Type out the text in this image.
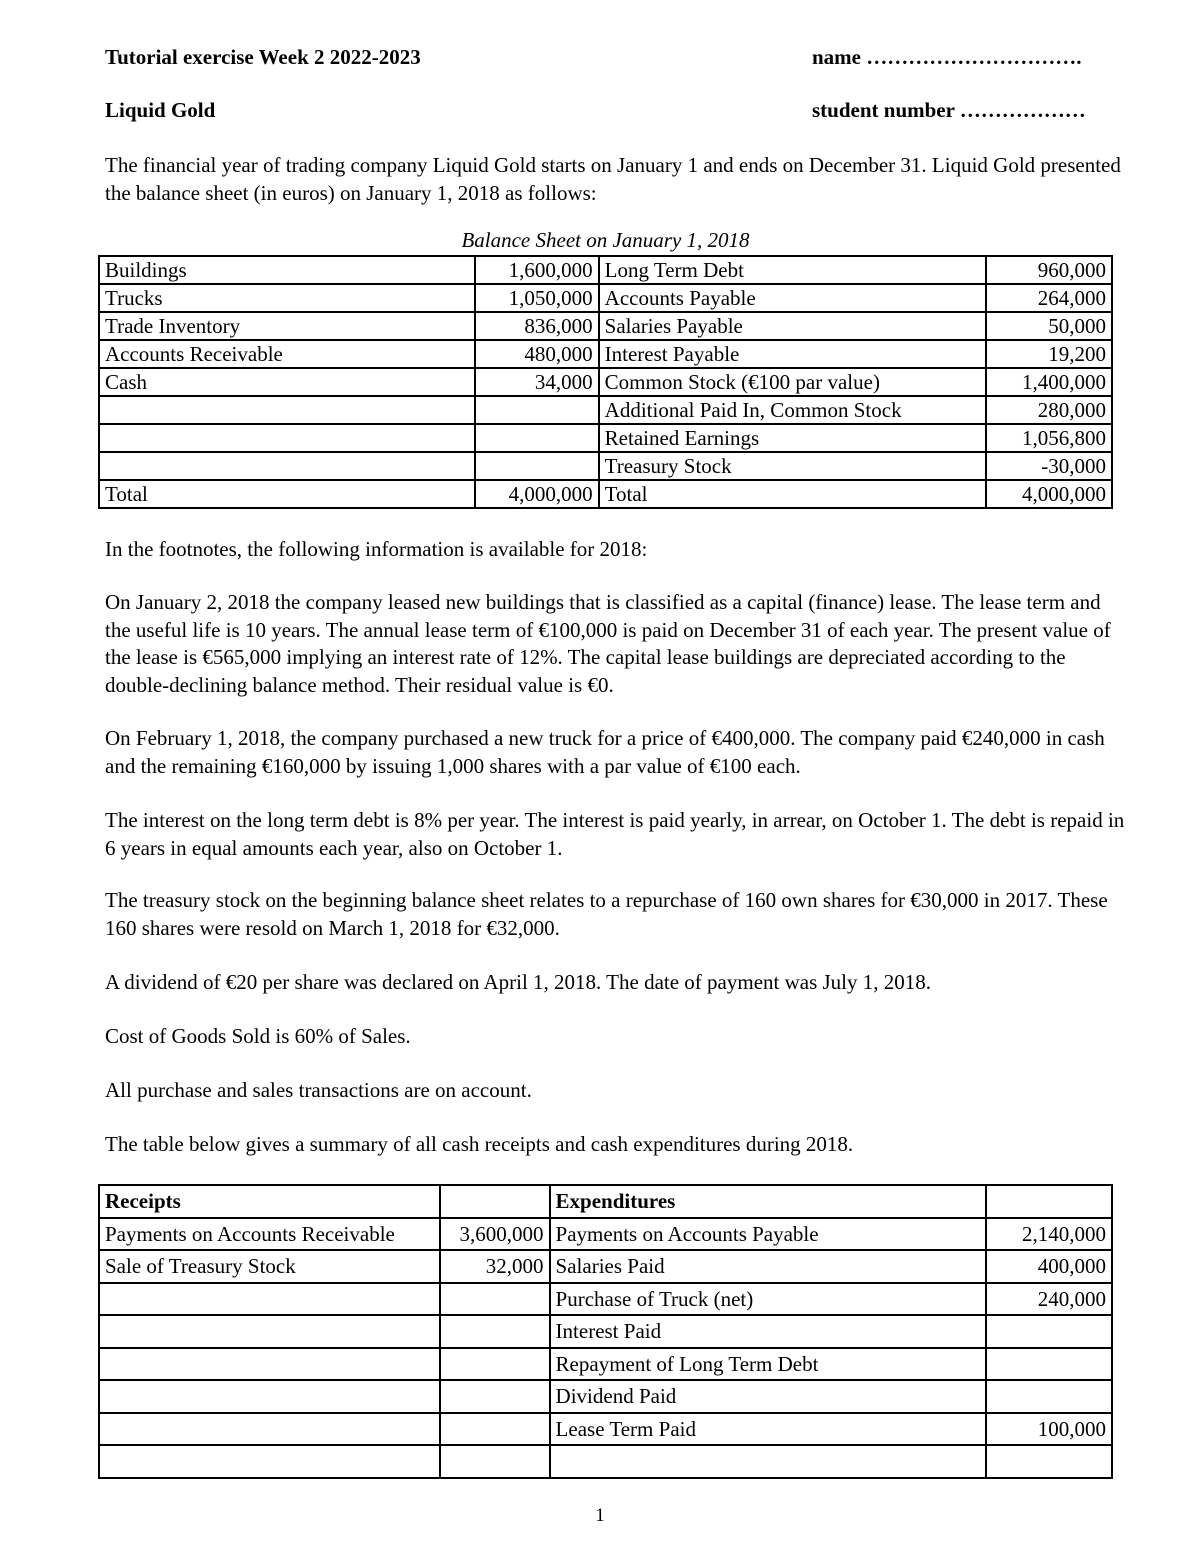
Tutorial exercise Week 2 2022-2023	name ………………………….
Liquid Gold	student number ………………

The financial year of trading company Liquid Gold starts on January 1 and ends on December 31. Liquid Gold presented the balance sheet (in euros) on January 1, 2018 as follows:

Balance Sheet on January 1, 2018
Buildings	1,600,000	Long Term Debt	960,000
Trucks	1,050,000	Accounts Payable	264,000
Trade Inventory	836,000	Salaries Payable	50,000
Accounts Receivable	480,000	Interest Payable	19,200
Cash	34,000	Common Stock (€100 par value)	1,400,000
		Additional Paid In, Common Stock	280,000
		Retained Earnings	1,056,800
		Treasury Stock	-30,000
Total	4,000,000	Total	4,000,000

In the footnotes, the following information is available for 2018:

On January 2, 2018 the company leased new buildings that is classified as a capital (finance) lease. The lease term and the useful life is 10 years. The annual lease term of €100,000 is paid on December 31 of each year. The present value of the lease is €565,000 implying an interest rate of 12%. The capital lease buildings are depreciated according to the double-declining balance method. Their residual value is €0.

On February 1, 2018, the company purchased a new truck for a price of €400,000. The company paid €240,000 in cash and the remaining €160,000 by issuing 1,000 shares with a par value of €100 each.

The interest on the long term debt is 8% per year. The interest is paid yearly, in arrear, on October 1. The debt is repaid in 6 years in equal amounts each year, also on October 1.

The treasury stock on the beginning balance sheet relates to a repurchase of 160 own shares for €30,000 in 2017. These 160 shares were resold on March 1, 2018 for €32,000.

A dividend of €20 per share was declared on April 1, 2018. The date of payment was July 1, 2018.

Cost of Goods Sold is 60% of Sales.

All purchase and sales transactions are on account.

The table below gives a summary of all cash receipts and cash expenditures during 2018.

Receipts		Expenditures	
Payments on Accounts Receivable	3,600,000	Payments on Accounts Payable	2,140,000
Sale of Treasury Stock	32,000	Salaries Paid	400,000
		Purchase of Truck (net)	240,000
		Interest Paid	
		Repayment of Long Term Debt	
		Dividend Paid	
		Lease Term Paid	100,000

1
